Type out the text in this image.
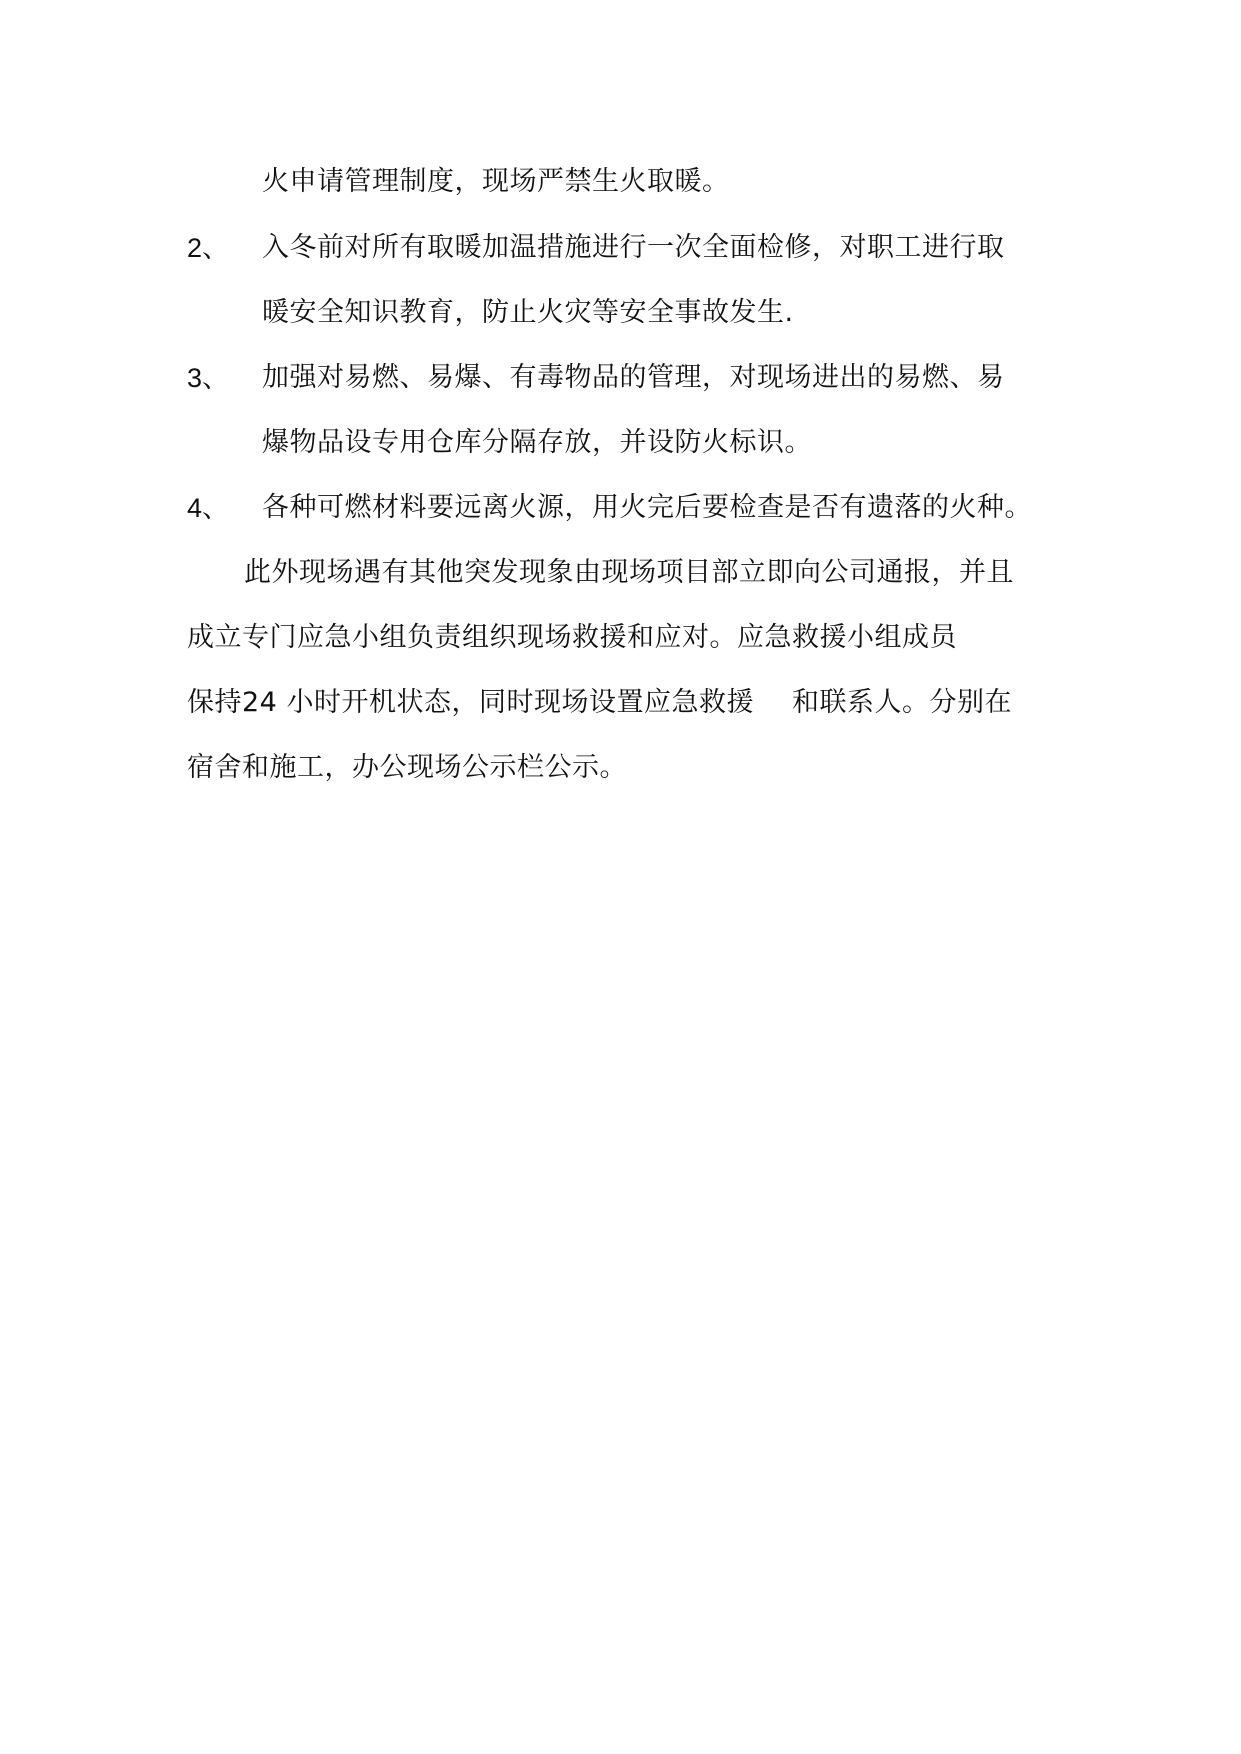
火申请管理制度，现场严禁生火取暖。
2、 入冬前对所有取暖加温措施进行一次全面检修，对职工进行取
暖安全知识教育，防止火灾等安全事故发生.
3、 加强对易燃、易爆、有毒物品的管理，对现场进出的易燃、易
爆物品设专用仓库分隔存放，并设防火标识。
4、 各种可燃材料要远离火源，用火完后要检查是否有遗落的火种。
此外现场遇有其他突发现象由现场项目部立即向公司通报，并且
成立专门应急小组负责组织现场救援和应对。应急救援小组成员
保持24 小时开机状态，同时现场设置应急救援 和联系人。分别在
宿舍和施工，办公现场公示栏公示。
